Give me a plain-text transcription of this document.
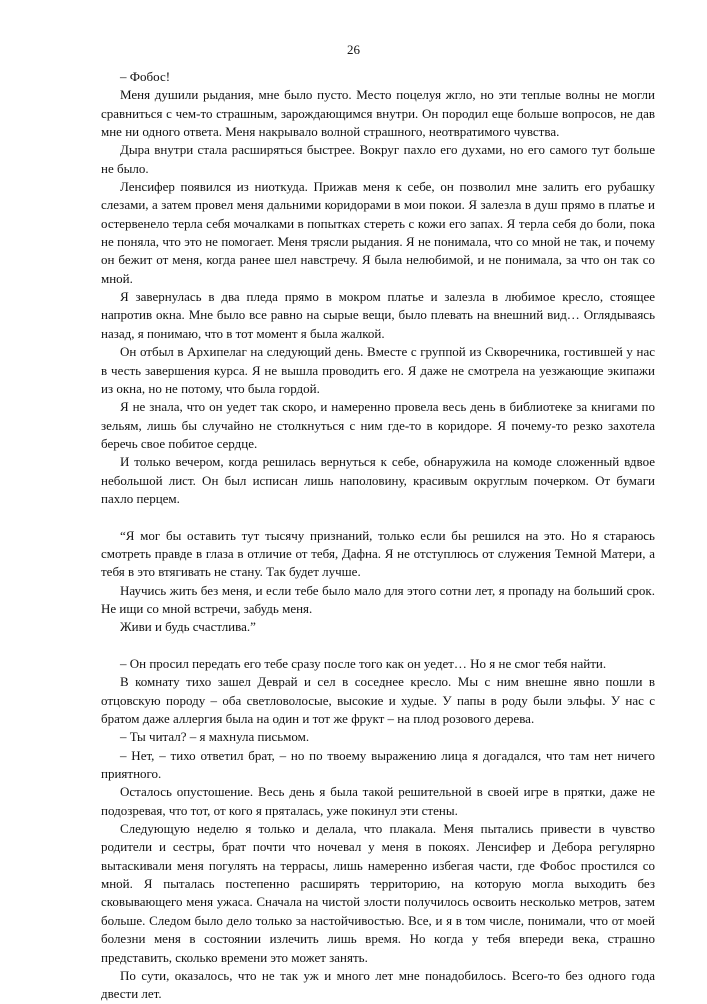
26

– Фобос!

Меня душили рыдания, мне было пусто. Место поцелуя жгло, но эти теплые волны не могли сравниться с чем-то страшным, зарождающимся внутри. Он породил еще больше вопросов, не дав мне ни одного ответа. Меня накрывало волной страшного, неотвратимого чувства.

Дыра внутри стала расширяться быстрее. Вокруг пахло его духами, но его самого тут больше не было.

Ленсифер появился из ниоткуда. Прижав меня к себе, он позволил мне залить его рубашку слезами, а затем провел меня дальними коридорами в мои покои. Я залезла в душ прямо в платье и остервенело терла себя мочалками в попытках стереть с кожи его запах. Я терла себя до боли, пока не поняла, что это не помогает. Меня трясли рыдания. Я не понимала, что со мной не так, и почему он бежит от меня, когда ранее шел навстречу. Я была нелюбимой, и не понимала, за что он так со мной.

Я завернулась в два пледа прямо в мокром платье и залезла в любимое кресло, стоящее напротив окна. Мне было все равно на сырые вещи, было плевать на внешний вид… Оглядываясь назад, я понимаю, что в тот момент я была жалкой.

Он отбыл в Архипелаг на следующий день. Вместе с группой из Скворечника, гостившей у нас в честь завершения курса. Я не вышла проводить его. Я даже не смотрела на уезжающие экипажи из окна, но не потому, что была гордой.

Я не знала, что он уедет так скоро, и намеренно провела весь день в библиотеке за книгами по зельям, лишь бы случайно не столкнуться с ним где-то в коридоре. Я почему-то резко захотела беречь свое побитое сердце.

И только вечером, когда решилась вернуться к себе, обнаружила на комоде сложенный вдвое небольшой лист. Он был исписан лишь наполовину, красивым округлым почерком. От бумаги пахло перцем.

“Я мог бы оставить тут тысячу признаний, только если бы решился на это. Но я стараюсь смотреть правде в глаза в отличие от тебя, Дафна. Я не отступлюсь от служения Темной Матери, а тебя в это втягивать не стану. Так будет лучше.

Научись жить без меня, и если тебе было мало для этого сотни лет, я пропаду на больший срок. Не ищи со мной встречи, забудь меня.

Живи и будь счастлива.”

– Он просил передать его тебе сразу после того как он уедет… Но я не смог тебя найти.

В комнату тихо зашел Деврай и сел в соседнее кресло. Мы с ним внешне явно пошли в отцовскую породу – оба светловолосые, высокие и худые. У папы в роду были эльфы. У нас с братом даже аллергия была на один и тот же фрукт – на плод розового дерева.

– Ты читал? – я махнула письмом.

– Нет, – тихо ответил брат, – но по твоему выражению лица я догадался, что там нет ничего приятного.

Осталось опустошение. Весь день я была такой решительной в своей игре в прятки, даже не подозревая, что тот, от кого я пряталась, уже покинул эти стены.

Следующую неделю я только и делала, что плакала. Меня пытались привести в чувство родители и сестры, брат почти что ночевал у меня в покоях. Ленсифер и Дебора регулярно вытаскивали меня погулять на террасы, лишь намеренно избегая части, где Фобос простился со мной. Я пыталась постепенно расширять территорию, на которую могла выходить без сковывающего меня ужаса. Сначала на чистой злости получилось освоить несколько метров, затем больше. Следом было дело только за настойчивостью. Все, и я в том числе, понимали, что от моей болезни меня в состоянии излечить лишь время. Но когда у тебя впереди века, страшно представить, сколько времени это может занять.

По сути, оказалось, что не так уж и много лет мне понадобилось. Всего-то без одного года двести лет.
